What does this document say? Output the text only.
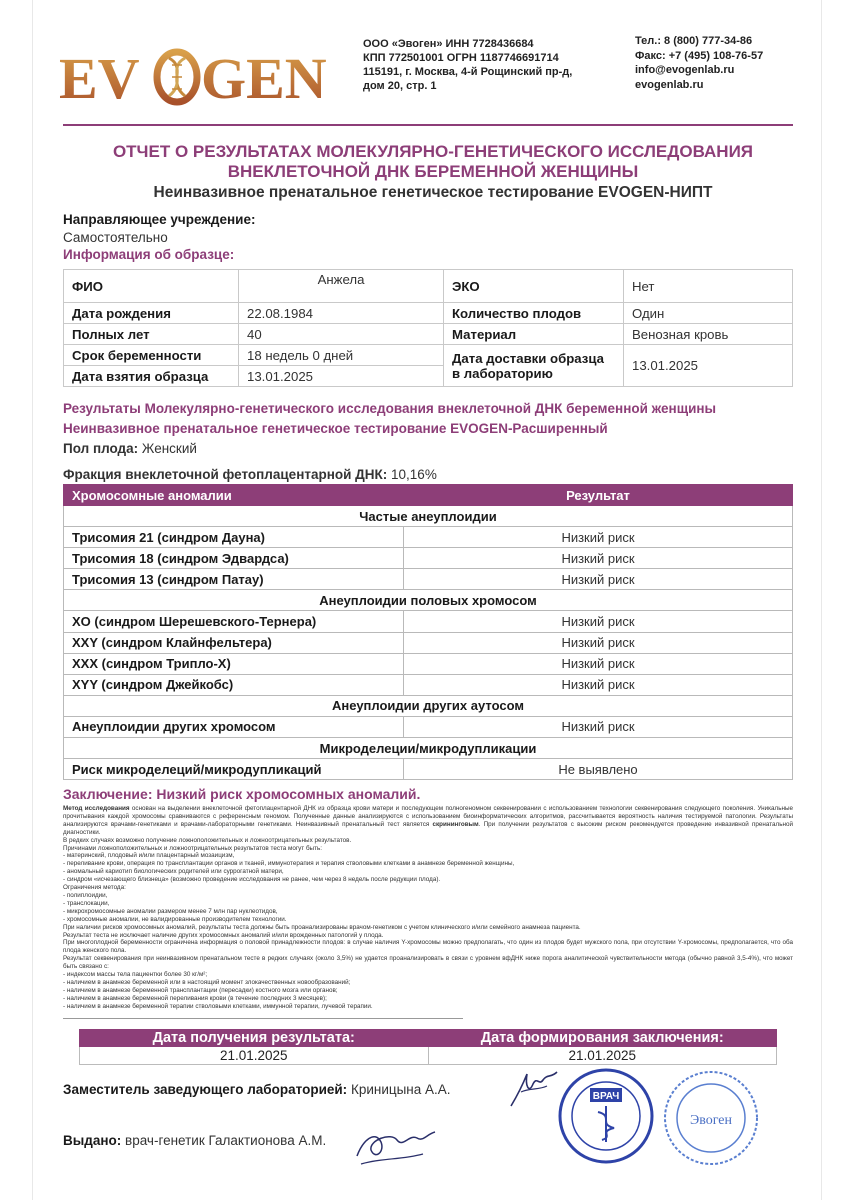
EV GEN
ООО «Эвоген» ИНН 7728436684
КПП 772501001 ОГРН 1187746691714
115191, г. Москва, 4-й Рощинский пр-д,
дом 20, стр. 1
Тел.: 8 (800) 777-34-86
Факс: +7 (495) 108-76-57
info@evogenlab.ru
evogenlab.ru
ОТЧЕТ О РЕЗУЛЬТАТАХ МОЛЕКУЛЯРНО-ГЕНЕТИЧЕСКОГО ИССЛЕДОВАНИЯ
ВНЕКЛЕТОЧНОЙ ДНК БЕРЕМЕННОЙ ЖЕНЩИНЫ
Неинвазивное пренатальное генетическое тестирование EVOGEN-НИПТ
Направляющее учреждение:
Самостоятельно
Информация об образце:
ФИО	Анжела	ЭКО	Нет
Дата рождения	22.08.1984	Количество плодов	Один
Полных лет	40	Материал	Венозная кровь
Срок беременности	18 недель 0 дней	Дата доставки образца в лабораторию	13.01.2025
Дата взятия образца	13.01.2025		
Результаты Молекулярно-генетического исследования внеклеточной ДНК беременной женщины
Неинвазивное пренатальное генетическое тестирование EVOGEN-Расширенный
Пол плода: Женский
Фракция внеклеточной фетоплацентарной ДНК: 10,16%
Хромосомные аномалии	Результат
Частые анеуплоидии	
Трисомия 21 (синдром Дауна)	Низкий риск
Трисомия 18 (синдром Эдвардса)	Низкий риск
Трисомия 13 (синдром Патау)	Низкий риск
Анеуплоидии половых хромосом	
XO (синдром Шерешевского-Тернера)	Низкий риск
XXY (синдром Клайнфельтера)	Низкий риск
XXX (синдром Трипло-X)	Низкий риск
XYY (синдром Джейкобс)	Низкий риск
Анеуплоидии других аутосом	
Анеуплоидии других хромосом	Низкий риск
Микроделеции/микродупликации	
Риск микроделеций/микродупликаций	Не выявлено
Заключение: Низкий риск хромосомных аномалий.

Метод исследования основан на выделении внеклеточной фетоплацентарной ДНК из образца крови матери и последующем полногеномном секвенировании с использованием технологии секвенирования следующего поколения. Уникальные прочитывания каждой хромосомы сравниваются с референсным геномом. Полученные данные анализируются с использованием биоинформатических алгоритмов, рассчитывается вероятность наличия тестируемой патологии. Результаты анализируются врачами-генетиками и врачами-лабораторными генетиками. Неинвазивный пренатальный тест является скрининговым. При получении результатов с высоким риском рекомендуется проведение инвазивной пренатальной диагностики.

В редких случаях возможно получение ложноположительных и ложноотрицательных результатов.

Причинами ложноположительных и ложноотрицательных результатов теста могут быть:

- материнский, плодовый и/или плацентарный мозаицизм,

- переливание крови, операция по трансплантации органов и тканей, иммунотерапия и терапия стволовыми клетками в анамнезе беременной женщины,

- аномальный кариотип биологических родителей или суррогатной матери,

- синдром «исчезающего близнеца» (возможно проведение исследования не ранее, чем через 8 недель после редукции плода).

Ограничения метода:

- полиплоидии,

- транслокации,

- микрохромосомные аномалии размером менее 7 млн пар нуклеотидов,

- хромосомные аномалии, не валидированные производителем технологии.

При наличии рисков хромосомных аномалий, результаты теста должны быть проанализированы врачом-генетиком с учетом клинического и/или семейного анамнеза пациента.

Результат теста не исключает наличие других хромосомных аномалий и/или врожденных патологий у плода.

При многоплодной беременности ограничена информация о половой принадлежности плодов: в случае наличия Y-хромосомы можно предполагать, что один из плодов будет мужского пола, при отсутствии Y-хромосомы, предполагается, что оба плода женского пола.

Результат секвенирования при неинвазивном пренатальном тесте в редких случаях (около 3,5%) не удается проанализировать в связи с уровнем вфДНК ниже порога аналитической чувствительности метода (обычно равной 3,5-4%), что может быть связано с:

- индексом массы тела пациентки более 30 кг/м²;

- наличием в анамнезе беременной или в настоящий момент злокачественных новообразований;

- наличием в анамнезе беременной трансплантации (пересадки) костного мозга или органов;

- наличием в анамнезе беременной переливания крови (в течение последних 3 месяцев);

- наличием в анамнезе беременной терапии стволовыми клетками, иммунной терапии, лучевой терапии.

Дата получения результата:	Дата формирования заключения:
21.01.2025	21.01.2025
Заместитель заведующего лабораторией: Криницына А.А.
Выдано: врач-генетик Галактионова А.М.
ВРАЧ
Эвоген
